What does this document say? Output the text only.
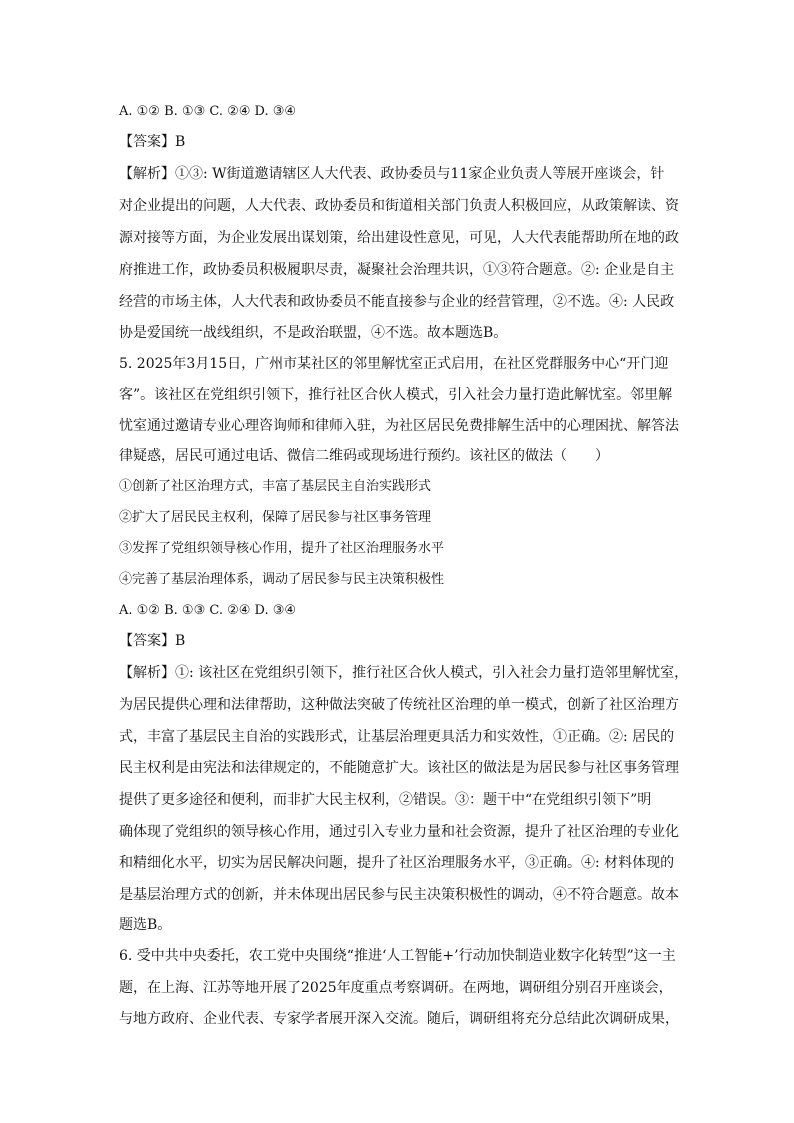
A. ①② B. ①③ C. ②④ D. ③④
【答案】B
【解析】①③: W街道邀请辖区人大代表、政协委员与11家企业负责人等展开座谈会，针
对企业提出的问题，人大代表、政协委员和街道相关部门负责人积极回应，从政策解读、资
源对接等方面，为企业发展出谋划策，给出建设性意见，可见，人大代表能帮助所在地的政
府推进工作，政协委员积极履职尽责，凝聚社会治理共识，①③符合题意。②: 企业是自主
经营的市场主体，人大代表和政协委员不能直接参与企业的经营管理，②不选。④: 人民政
协是爱国统一战线组织，不是政治联盟，④不选。故本题选B。
5. 2025年3月15日，广州市某社区的邻里解忧室正式启用，在社区党群服务中心“开门迎
客”。该社区在党组织引领下，推行社区合伙人模式，引入社会力量打造此解忧室。邻里解
忧室通过邀请专业心理咨询师和律师入驻，为社区居民免费排解生活中的心理困扰、解答法
律疑惑，居民可通过电话、微信二维码或现场进行预约。该社区的做法（　　）
①创新了社区治理方式，丰富了基层民主自治实践形式
②扩大了居民民主权利，保障了居民参与社区事务管理
③发挥了党组织领导核心作用，提升了社区治理服务水平
④完善了基层治理体系，调动了居民参与民主决策积极性
A. ①② B. ①③ C. ②④ D. ③④
【答案】B
【解析】①: 该社区在党组织引领下，推行社区合伙人模式，引入社会力量打造邻里解忧室，
为居民提供心理和法律帮助，这种做法突破了传统社区治理的单一模式，创新了社区治理方
式，丰富了基层民主自治的实践形式，让基层治理更具活力和实效性，①正确。②: 居民的
民主权利是由宪法和法律规定的，不能随意扩大。该社区的做法是为居民参与社区事务管理
提供了更多途径和便利，而非扩大民主权利，②错误。③：题干中“在党组织引领下”明
确体现了党组织的领导核心作用，通过引入专业力量和社会资源，提升了社区治理的专业化
和精细化水平，切实为居民解决问题，提升了社区治理服务水平，③正确。④: 材料体现的
是基层治理方式的创新，并未体现出居民参与民主决策积极性的调动，④不符合题意。故本
题选B。
6. 受中共中央委托，农工党中央围绕“推进‘人工智能+’行动加快制造业数字化转型”这一主
题，在上海、江苏等地开展了2025年度重点考察调研。在两地，调研组分别召开座谈会，
与地方政府、企业代表、专家学者展开深入交流。随后，调研组将充分总结此次调研成果，
